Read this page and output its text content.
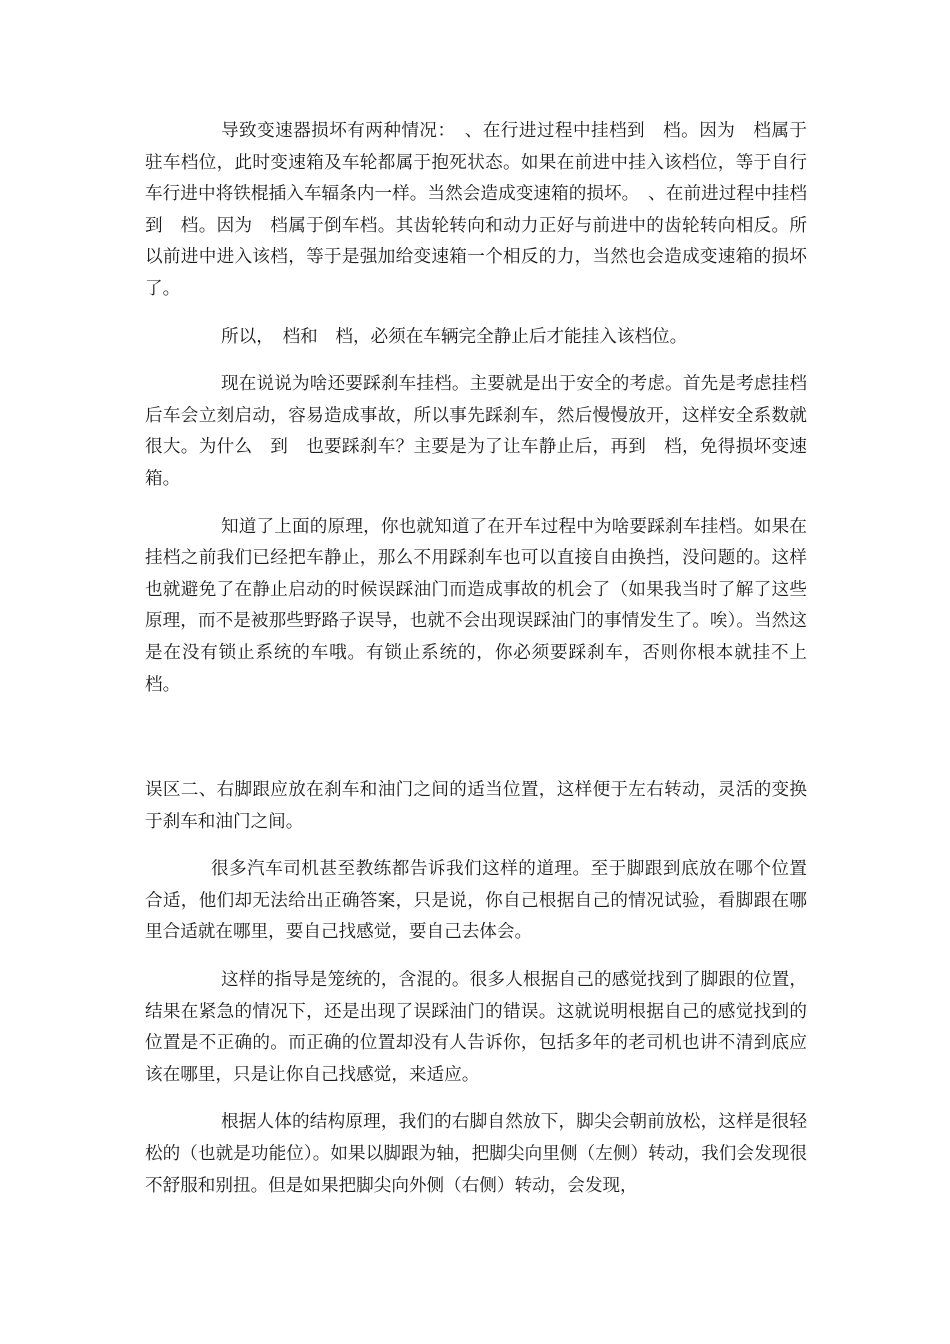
导致变速器损坏有两种情况：　、在行进过程中挂档到　档。因为　档属于驻车档位，此时变速箱及车轮都属于抱死状态。如果在前进中挂入该档位，等于自行车行进中将铁棍插入车辐条内一样。当然会造成变速箱的损坏。　、在前进过程中挂档到　档。因为　档属于倒车档。其齿轮转向和动力正好与前进中的齿轮转向相反。所以前进中进入该档，等于是强加给变速箱一个相反的力，当然也会造成变速箱的损坏了。

所以，　档和　档，必须在车辆完全静止后才能挂入该档位。

现在说说为啥还要踩刹车挂档。主要就是出于安全的考虑。首先是考虑挂档后车会立刻启动，容易造成事故，所以事先踩刹车，然后慢慢放开，这样安全系数就很大。为什么　到　也要踩刹车？主要是为了让车静止后，再到　档，免得损坏变速箱。

知道了上面的原理，你也就知道了在开车过程中为啥要踩刹车挂档。如果在挂档之前我们已经把车静止，那么不用踩刹车也可以直接自由换挡，没问题的。这样也就避免了在静止启动的时候误踩油门而造成事故的机会了（如果我当时了解了这些原理，而不是被那些野路子误导，也就不会出现误踩油门的事情发生了。唉）。当然这是在没有锁止系统的车哦。有锁止系统的，你必须要踩刹车，否则你根本就挂不上档。

误区二、右脚跟应放在刹车和油门之间的适当位置，这样便于左右转动，灵活的变换于刹车和油门之间。

很多汽车司机甚至教练都告诉我们这样的道理。至于脚跟到底放在哪个位置合适，他们却无法给出正确答案，只是说，你自己根据自己的情况试验，看脚跟在哪里合适就在哪里，要自己找感觉，要自己去体会。

这样的指导是笼统的，含混的。很多人根据自己的感觉找到了脚跟的位置，结果在紧急的情况下，还是出现了误踩油门的错误。这就说明根据自己的感觉找到的位置是不正确的。而正确的位置却没有人告诉你，包括多年的老司机也讲不清到底应该在哪里，只是让你自己找感觉，来适应。

根据人体的结构原理，我们的右脚自然放下，脚尖会朝前放松，这样是很轻松的（也就是功能位）。如果以脚跟为轴，把脚尖向里侧（左侧）转动，我们会发现很不舒服和别扭。但是如果把脚尖向外侧（右侧）转动，会发现，
